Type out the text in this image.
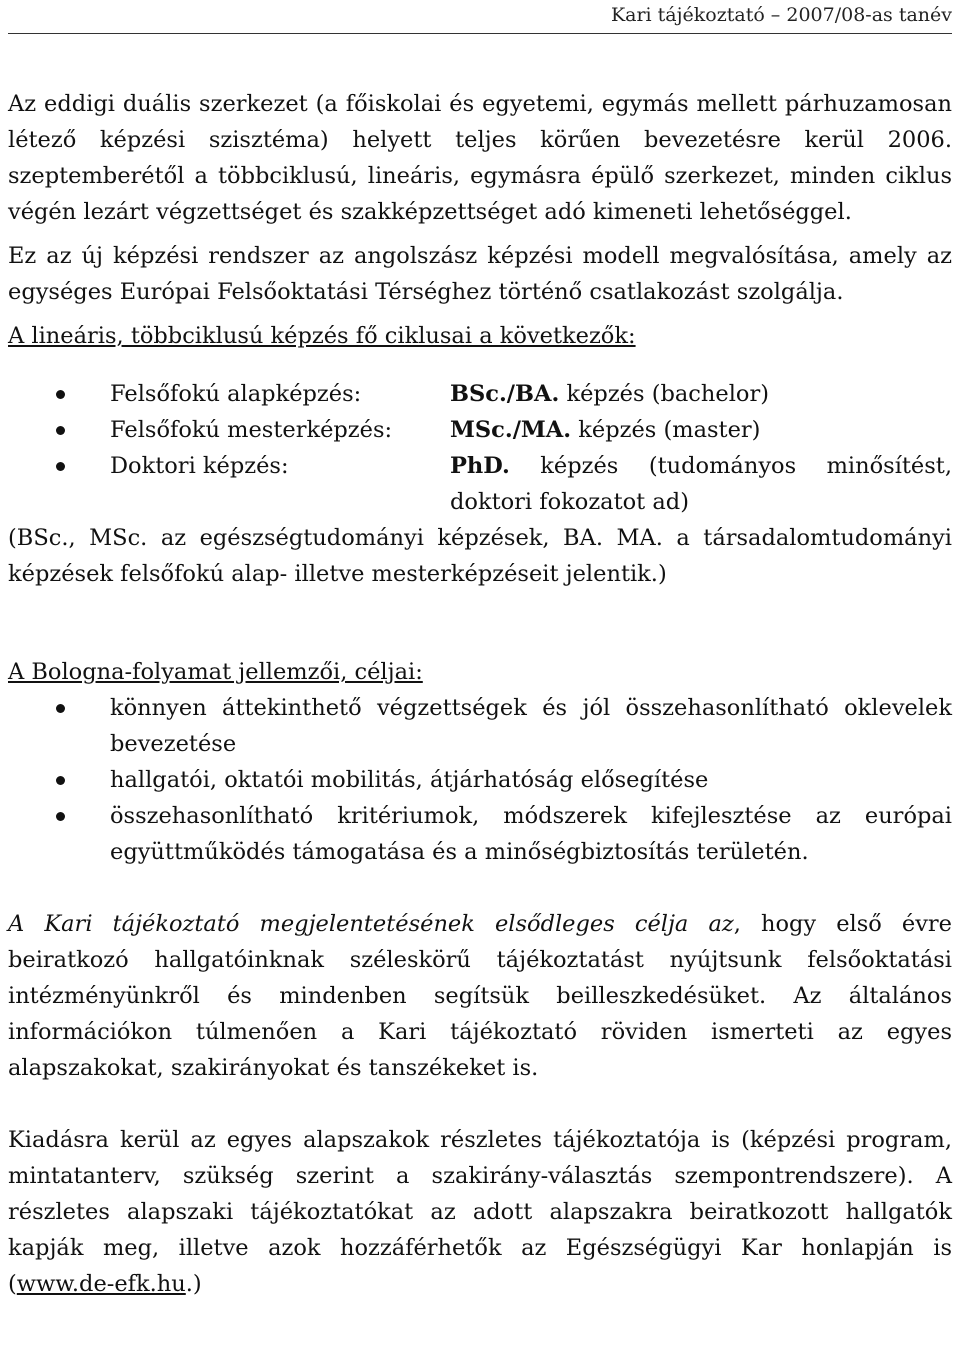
Kari tájékoztató – 2007/08-as tanév

Az eddigi duális szerkezet (a főiskolai és egyetemi, egymás mellett párhuzamosan létező képzési szisztéma) helyett teljes körűen bevezetésre kerül 2006. szeptemberétől a többciklusú, lineáris, egymásra épülő szerkezet, minden ciklus végén lezárt végzettséget és szakképzettséget adó kimeneti lehetőséggel.

Ez az új képzési rendszer az angolszász képzési modell megvalósítása, amely az egységes Európai Felsőoktatási Térséghez történő csatlakozást szolgálja.

A lineáris, többciklusú képzés fő ciklusai a következők:

Felsőfokú alapképzés:	BSc./BA. képzés (bachelor)
Felsőfokú mesterképzés:	MSc./MA. képzés (master)
Doktori képzés:	PhD. képzés (tudományos minősítést, doktori fokozatot ad)

(BSc., MSc. az egészségtudományi képzések, BA. MA. a társadalomtudományi képzések felsőfokú alap- illetve mesterképzéseit jelentik.)

A Bologna-folyamat jellemzői, céljai:

könnyen áttekinthető végzettségek és jól összehasonlítható oklevelek bevezetése
hallgatói, oktatói mobilitás, átjárhatóság elősegítése
összehasonlítható kritériumok, módszerek kifejlesztése az európai együttműködés támogatása és a minőségbiztosítás területén.

A Kari tájékoztató megjelentetésének elsődleges célja az, hogy első évre beiratkozó hallgatóinknak széleskörű tájékoztatást nyújtsunk felsőoktatási intézményünkről és mindenben segítsük beilleszkedésüket. Az általános információkon túlmenően a Kari tájékoztató röviden ismerteti az egyes alapszakokat, szakirányokat és tanszékeket is.

Kiadásra kerül az egyes alapszakok részletes tájékoztatója is (képzési program, mintatanterv, szükség szerint a szakirány-választás szempontrendszere). A részletes alapszaki tájékoztatókat az adott alapszakra beiratkozott hallgatók kapják meg, illetve azok hozzáférhetők az Egészségügyi Kar honlapján is (www.de-efk.hu.)
